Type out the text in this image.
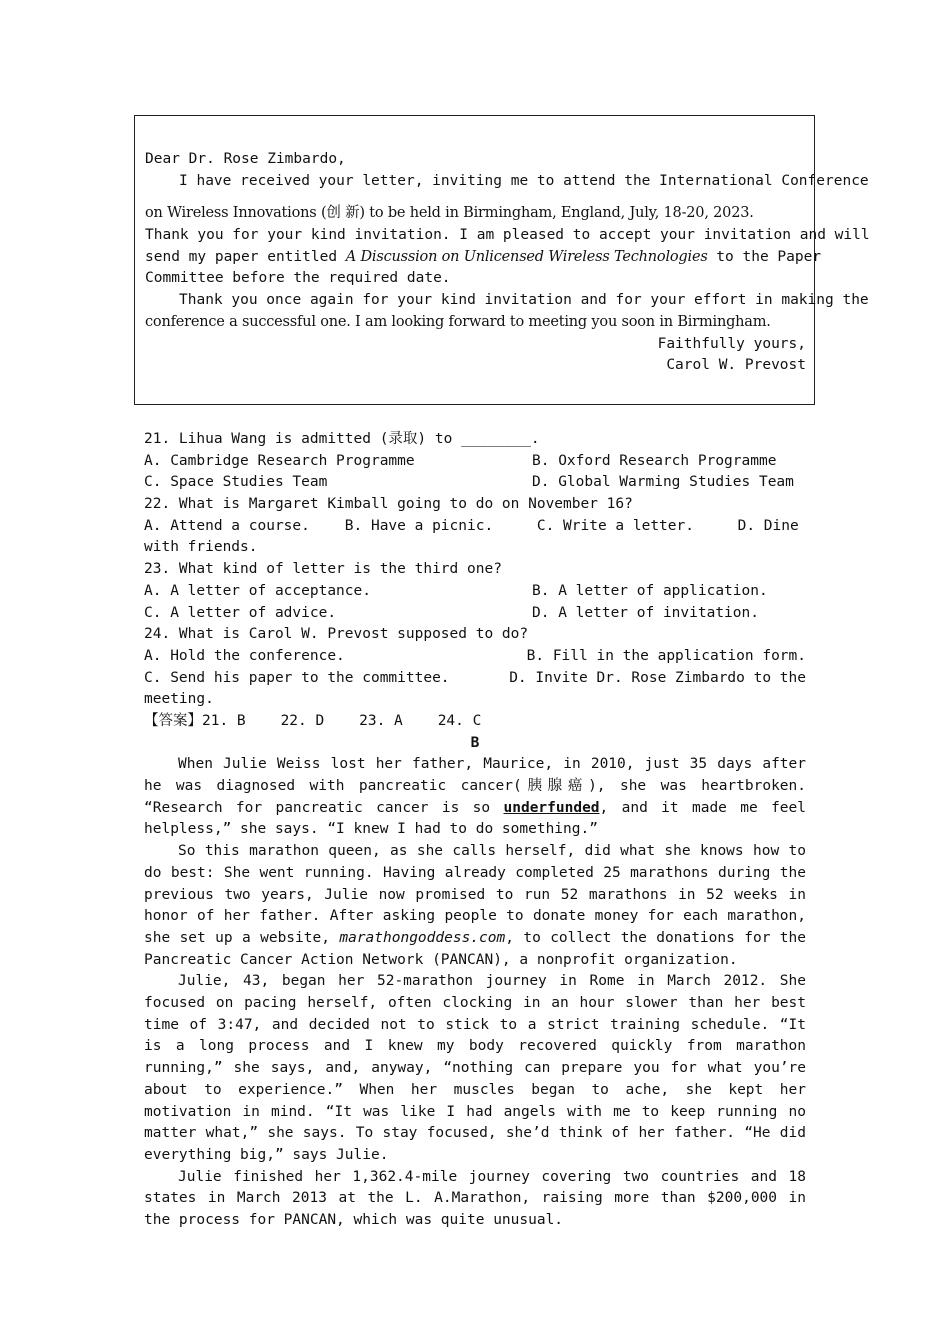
Dear Dr. Rose Zimbardo,
I have received your letter, inviting me to attend the International Conference
on Wireless Innovations (创 新) to be held in Birmingham, England, July, 18-20, 2023.
Thank you for your kind invitation. I am pleased to accept your invitation and will
send my paper entitled A Discussion on Unlicensed Wireless Technologies to the Paper
Committee before the required date.
Thank you once again for your kind invitation and for your effort in making the
conference a successful one. I am looking forward to meeting you soon in Birmingham.
Faithfully yours,
Carol W. Prevost
21. Lihua Wang is admitted (录取) to ________.
A. Cambridge Research Programme	B. Oxford Research Programme
C. Space Studies Team	D. Global Warming Studies Team
22. What is Margaret Kimball going to do on November 16?
A. Attend a course.    B. Have a picnic.     C. Write a letter.     D. Dine
with friends.
23. What kind of letter is the third one?
A. A letter of acceptance.	B. A letter of application.
C. A letter of advice.	D. A letter of invitation.
24. What is Carol W. Prevost supposed to do?
A. Hold the conference.	B. Fill in the application form.
C. Send his paper to the committee.	D. Invite Dr. Rose Zimbardo to the
meeting.
【答案】21. B    22. D    23. A    24. C
B
When Julie Weiss lost her father, Maurice, in 2010, just 35 days after he was diagnosed with pancreatic cancer(胰腺癌), she was heartbroken. “Research for pancreatic cancer is so underfunded, and it made me feel helpless,” she says. “I knew I had to do something.”
So this marathon queen, as she calls herself, did what she knows how to do best: She went running. Having already completed 25 marathons during the previous two years, Julie now promised to run 52 marathons in 52 weeks in honor of her father. After asking people to donate money for each marathon, she set up a website, marathongoddess.com, to collect the donations for the Pancreatic Cancer Action Network (PANCAN), a nonprofit organization.
Julie, 43, began her 52-marathon journey in Rome in March 2012. She focused on pacing herself, often clocking in an hour slower than her best time of 3:47, and decided not to stick to a strict training schedule. “It is a long process and I knew my body recovered quickly from marathon running,” she says, and, anyway, “nothing can prepare you for what you’re about to experience.” When her muscles began to ache, she kept her motivation in mind. “It was like I had angels with me to keep running no matter what,” she says. To stay focused, she’d think of her father. “He did everything big,” says Julie.
Julie finished her 1,362.4-mile journey covering two countries and 18 states in March 2013 at the L. A.Marathon, raising more than $200,000 in the process for PANCAN, which was quite unusual.
